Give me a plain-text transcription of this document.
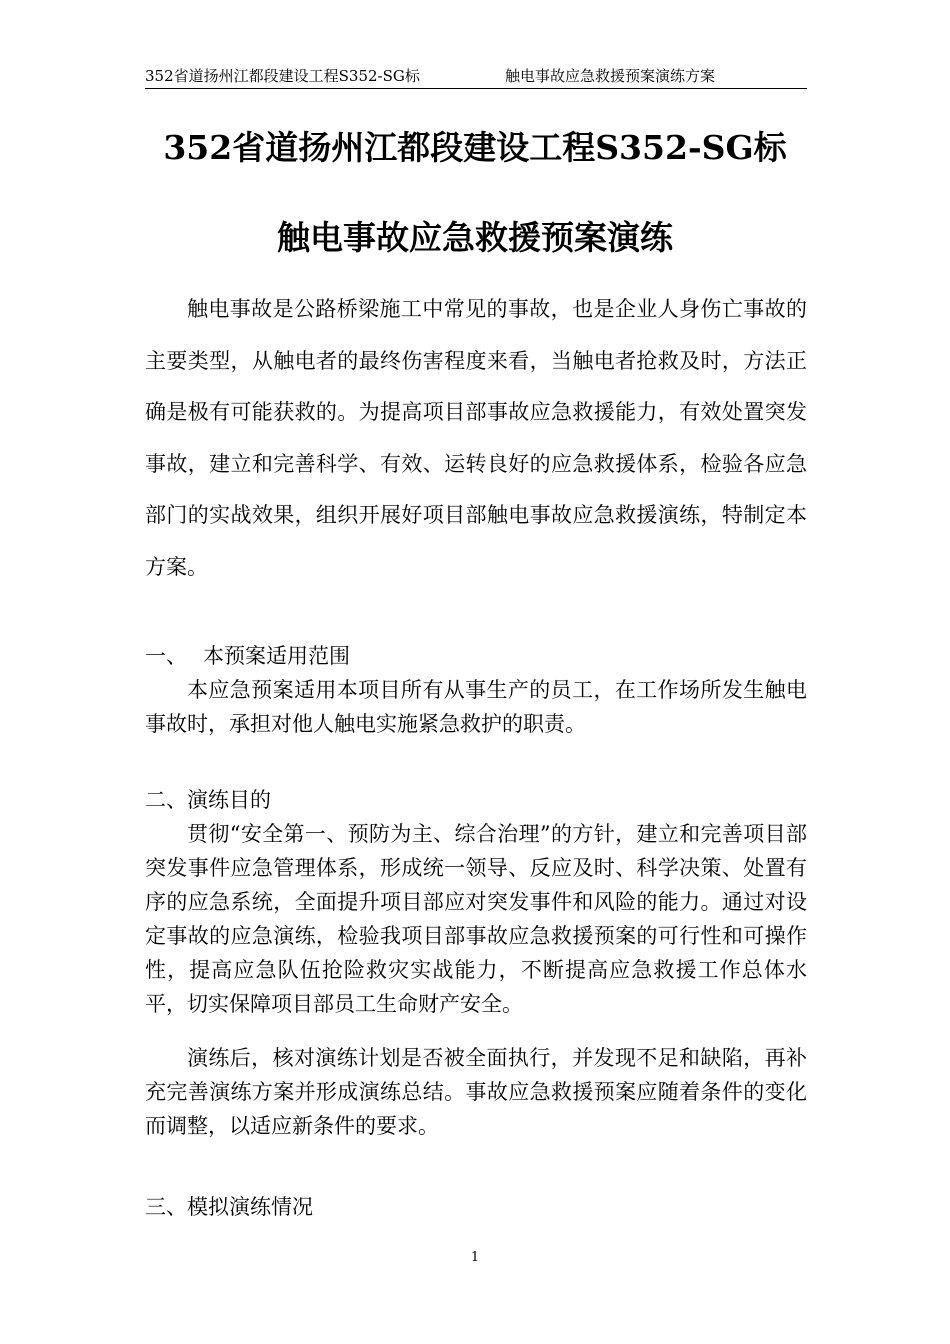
352省道扬州江都段建设工程S352-SG标	触电事故应急救援预案演练方案
352省道扬州江都段建设工程S352-SG标
触电事故应急救援预案演练

触电事故是公路桥梁施工中常见的事故，也是企业人身伤亡事故的主要类型，从触电者的最终伤害程度来看，当触电者抢救及时，方法正确是极有可能获救的。为提高项目部事故应急救援能力，有效处置突发事故，建立和完善科学、有效、运转良好的应急救援体系，检验各应急部门的实战效果，组织开展好项目部触电事故应急救援演练，特制定本方案。

一、 本预案适用范围

本应急预案适用本项目所有从事生产的员工，在工作场所发生触电事故时，承担对他人触电实施紧急救护的职责。

二、演练目的

贯彻“安全第一、预防为主、综合治理”的方针，建立和完善项目部突发事件应急管理体系，形成统一领导、反应及时、科学决策、处置有序的应急系统，全面提升项目部应对突发事件和风险的能力。通过对设定事故的应急演练，检验我项目部事故应急救援预案的可行性和可操作性，提高应急队伍抢险救灾实战能力，不断提高应急救援工作总体水平，切实保障项目部员工生命财产安全。

演练后，核对演练计划是否被全面执行，并发现不足和缺陷，再补充完善演练方案并形成演练总结。事故应急救援预案应随着条件的变化而调整，以适应新条件的要求。

三、模拟演练情况

1
